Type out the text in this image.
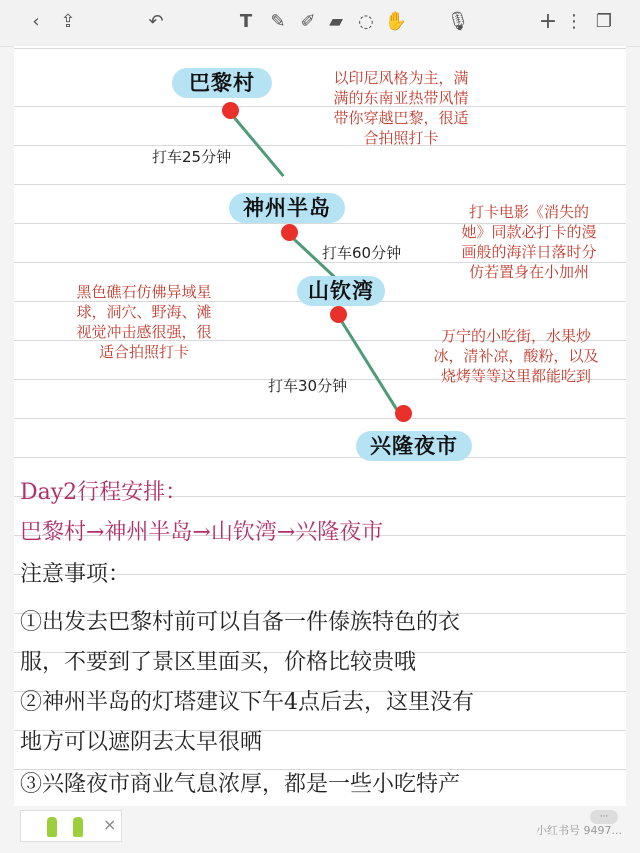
‹	⇪	↶	T	✎ ✐ ▰ ◌ ✋ 🎙	+ ⋮ ❐
巴黎村
神州半岛
山钦湾
兴隆夜市
打车25分钟
打车60分钟
打车30分钟
以印尼风格为主，满
满的东南亚热带风情
带你穿越巴黎，很适
合拍照打卡
打卡电影《消失的
她》同款必打卡的漫
画般的海洋日落时分
仿若置身在小加州
黑色礁石仿佛异域星
球，洞穴、野海、滩
视觉冲击感很强，很
适合拍照打卡
万宁的小吃街，水果炒
冰，清补凉，酸粉，以及
烧烤等等这里都能吃到
Day2行程安排：
巴黎村→神州半岛→山钦湾→兴隆夜市
注意事项：
①出发去巴黎村前可以自备一件傣族特色的衣
服，不要到了景区里面买，价格比较贵哦
②神州半岛的灯塔建议下午4点后去，这里没有
地方可以遮阴去太早很晒
③兴隆夜市商业气息浓厚，都是一些小吃特产
×	···
小红书号 9497...
